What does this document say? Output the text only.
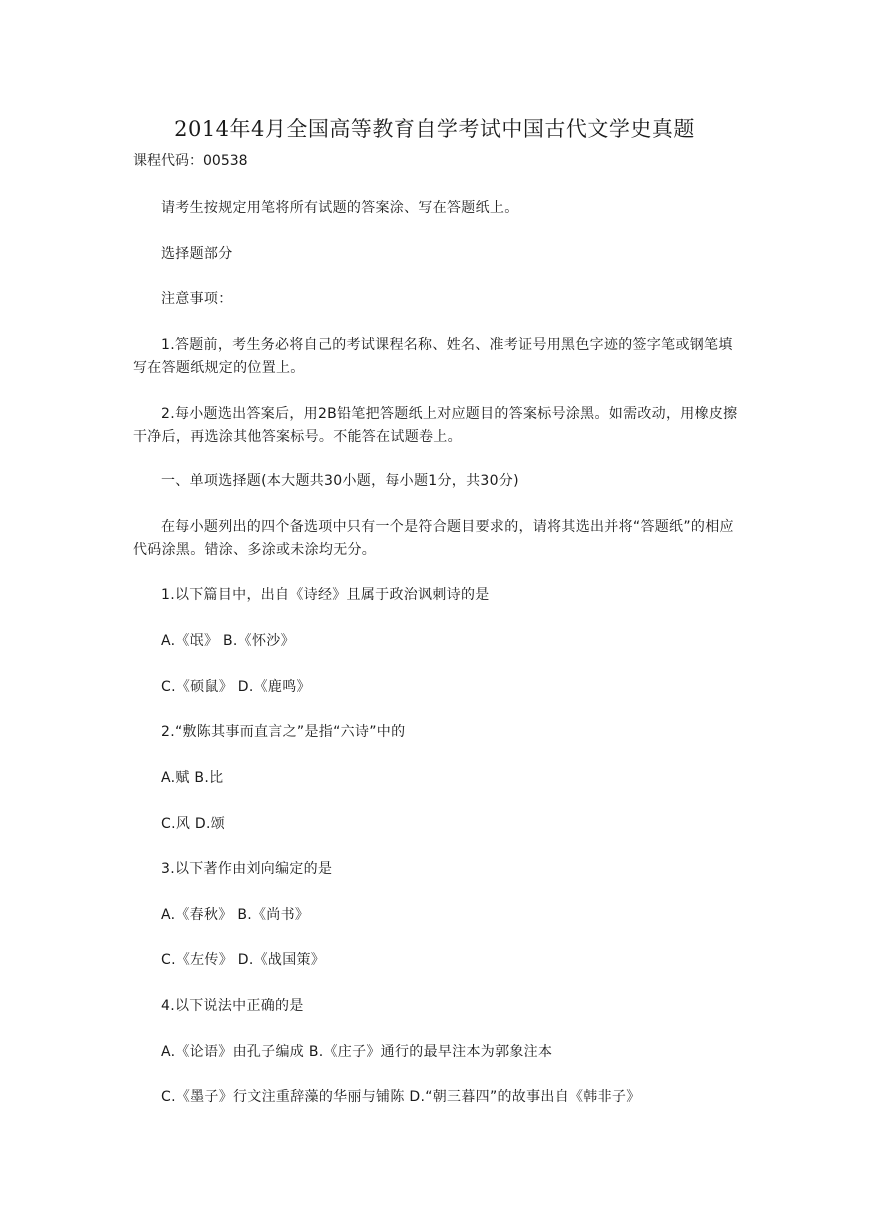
2014年4月全国高等教育自学考试中国古代文学史真题
课程代码：00538
请考生按规定用笔将所有试题的答案涂、写在答题纸上。
选择题部分
注意事项：
1.答题前，考生务必将自己的考试课程名称、姓名、准考证号用黑色字迹的签字笔或钢笔填写在答题纸规定的位置上。
2.每小题选出答案后，用2B铅笔把答题纸上对应题目的答案标号涂黑。如需改动，用橡皮擦干净后，再选涂其他答案标号。不能答在试题卷上。
一、单项选择题(本大题共30小题，每小题1分，共30分)
在每小题列出的四个备选项中只有一个是符合题目要求的，请将其选出并将“答题纸”的相应代码涂黑。错涂、多涂或未涂均无分。
1.以下篇目中，出自《诗经》且属于政治讽刺诗的是
A.《氓》 B.《怀沙》
C.《硕鼠》 D.《鹿鸣》
2.“敷陈其事而直言之”是指“六诗”中的
A.赋 B.比
C.风 D.颂
3.以下著作由刘向编定的是
A.《春秋》 B.《尚书》
C.《左传》 D.《战国策》
4.以下说法中正确的是
A.《论语》由孔子编成 B.《庄子》通行的最早注本为郭象注本
C.《墨子》行文注重辞藻的华丽与铺陈 D.“朝三暮四”的故事出自《韩非子》
